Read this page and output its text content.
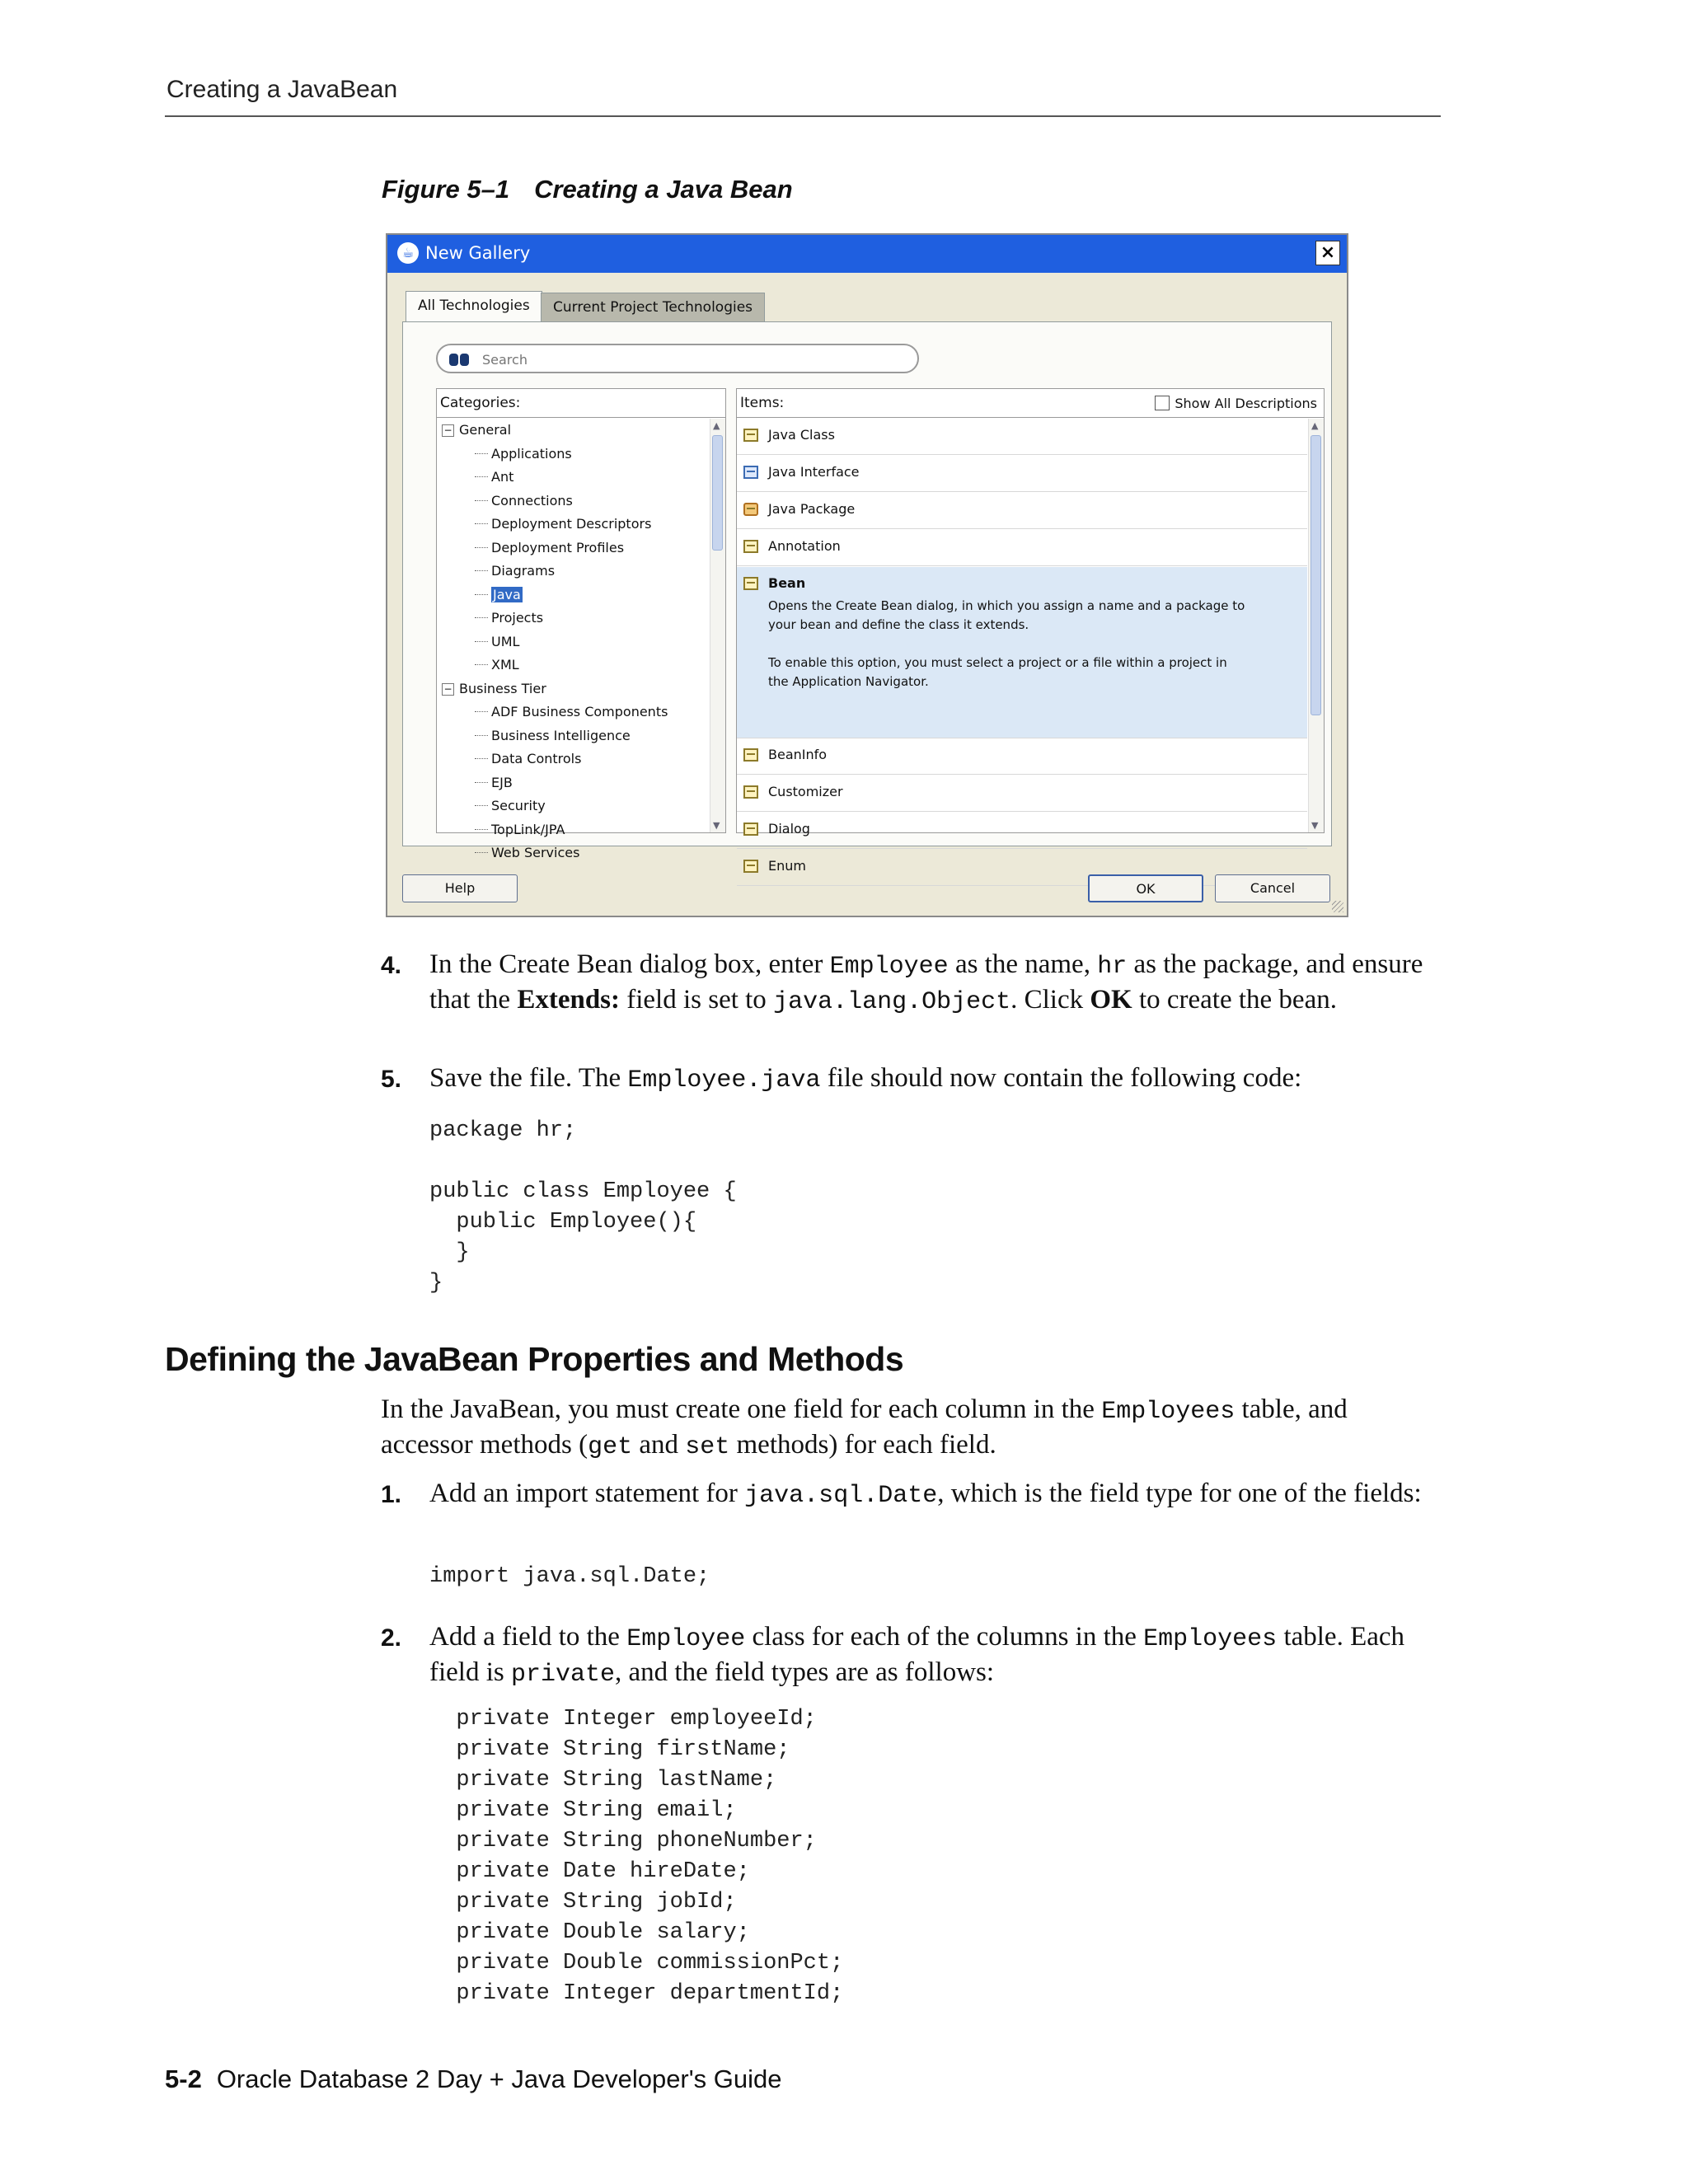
Creating a JavaBean
Figure 5–1 Creating a Java Bean
☕ New Gallery	×
All Technologies	Current Project Technologies
Search
Categories:
− General
Applications
Ant
Connections
Deployment Descriptors
Deployment Profiles
Diagrams
Java
Projects
UML
XML
− Business Tier
ADF Business Components
Business Intelligence
Data Controls
EJB
Security
TopLink/JPA
Web Services
▲
▼
Items:	Show All Descriptions
Java Class
Java Interface
Java Package
Annotation
Bean
Opens the Create Bean dialog, in which you assign a name and a package to
your bean and define the class it extends.

To enable this option, you must select a project or a file within a project in
the Application Navigator.
BeanInfo
Customizer
Dialog
Enum
▲
▼
Help	OK	Cancel
4. In the Create Bean dialog box, enter Employee as the name, hr as the package, and ensure that the Extends: field is set to java.lang.Object. Click OK to create the bean.
5. Save the file. The Employee.java file should now contain the following code:
package hr;

public class Employee {
public Employee(){
}
}
Defining the JavaBean Properties and Methods
In the JavaBean, you must create one field for each column in the Employees table, and accessor methods (get and set methods) for each field.
1. Add an import statement for java.sql.Date, which is the field type for one of the fields:
import java.sql.Date;
2. Add a field to the Employee class for each of the columns in the Employees table. Each field is private, and the field types are as follows:
private Integer employeeId;
private String firstName;
private String lastName;
private String email;
private String phoneNumber;
private Date hireDate;
private String jobId;
private Double salary;
private Double commissionPct;
private Integer departmentId;
5-2 Oracle Database 2 Day + Java Developer's Guide
